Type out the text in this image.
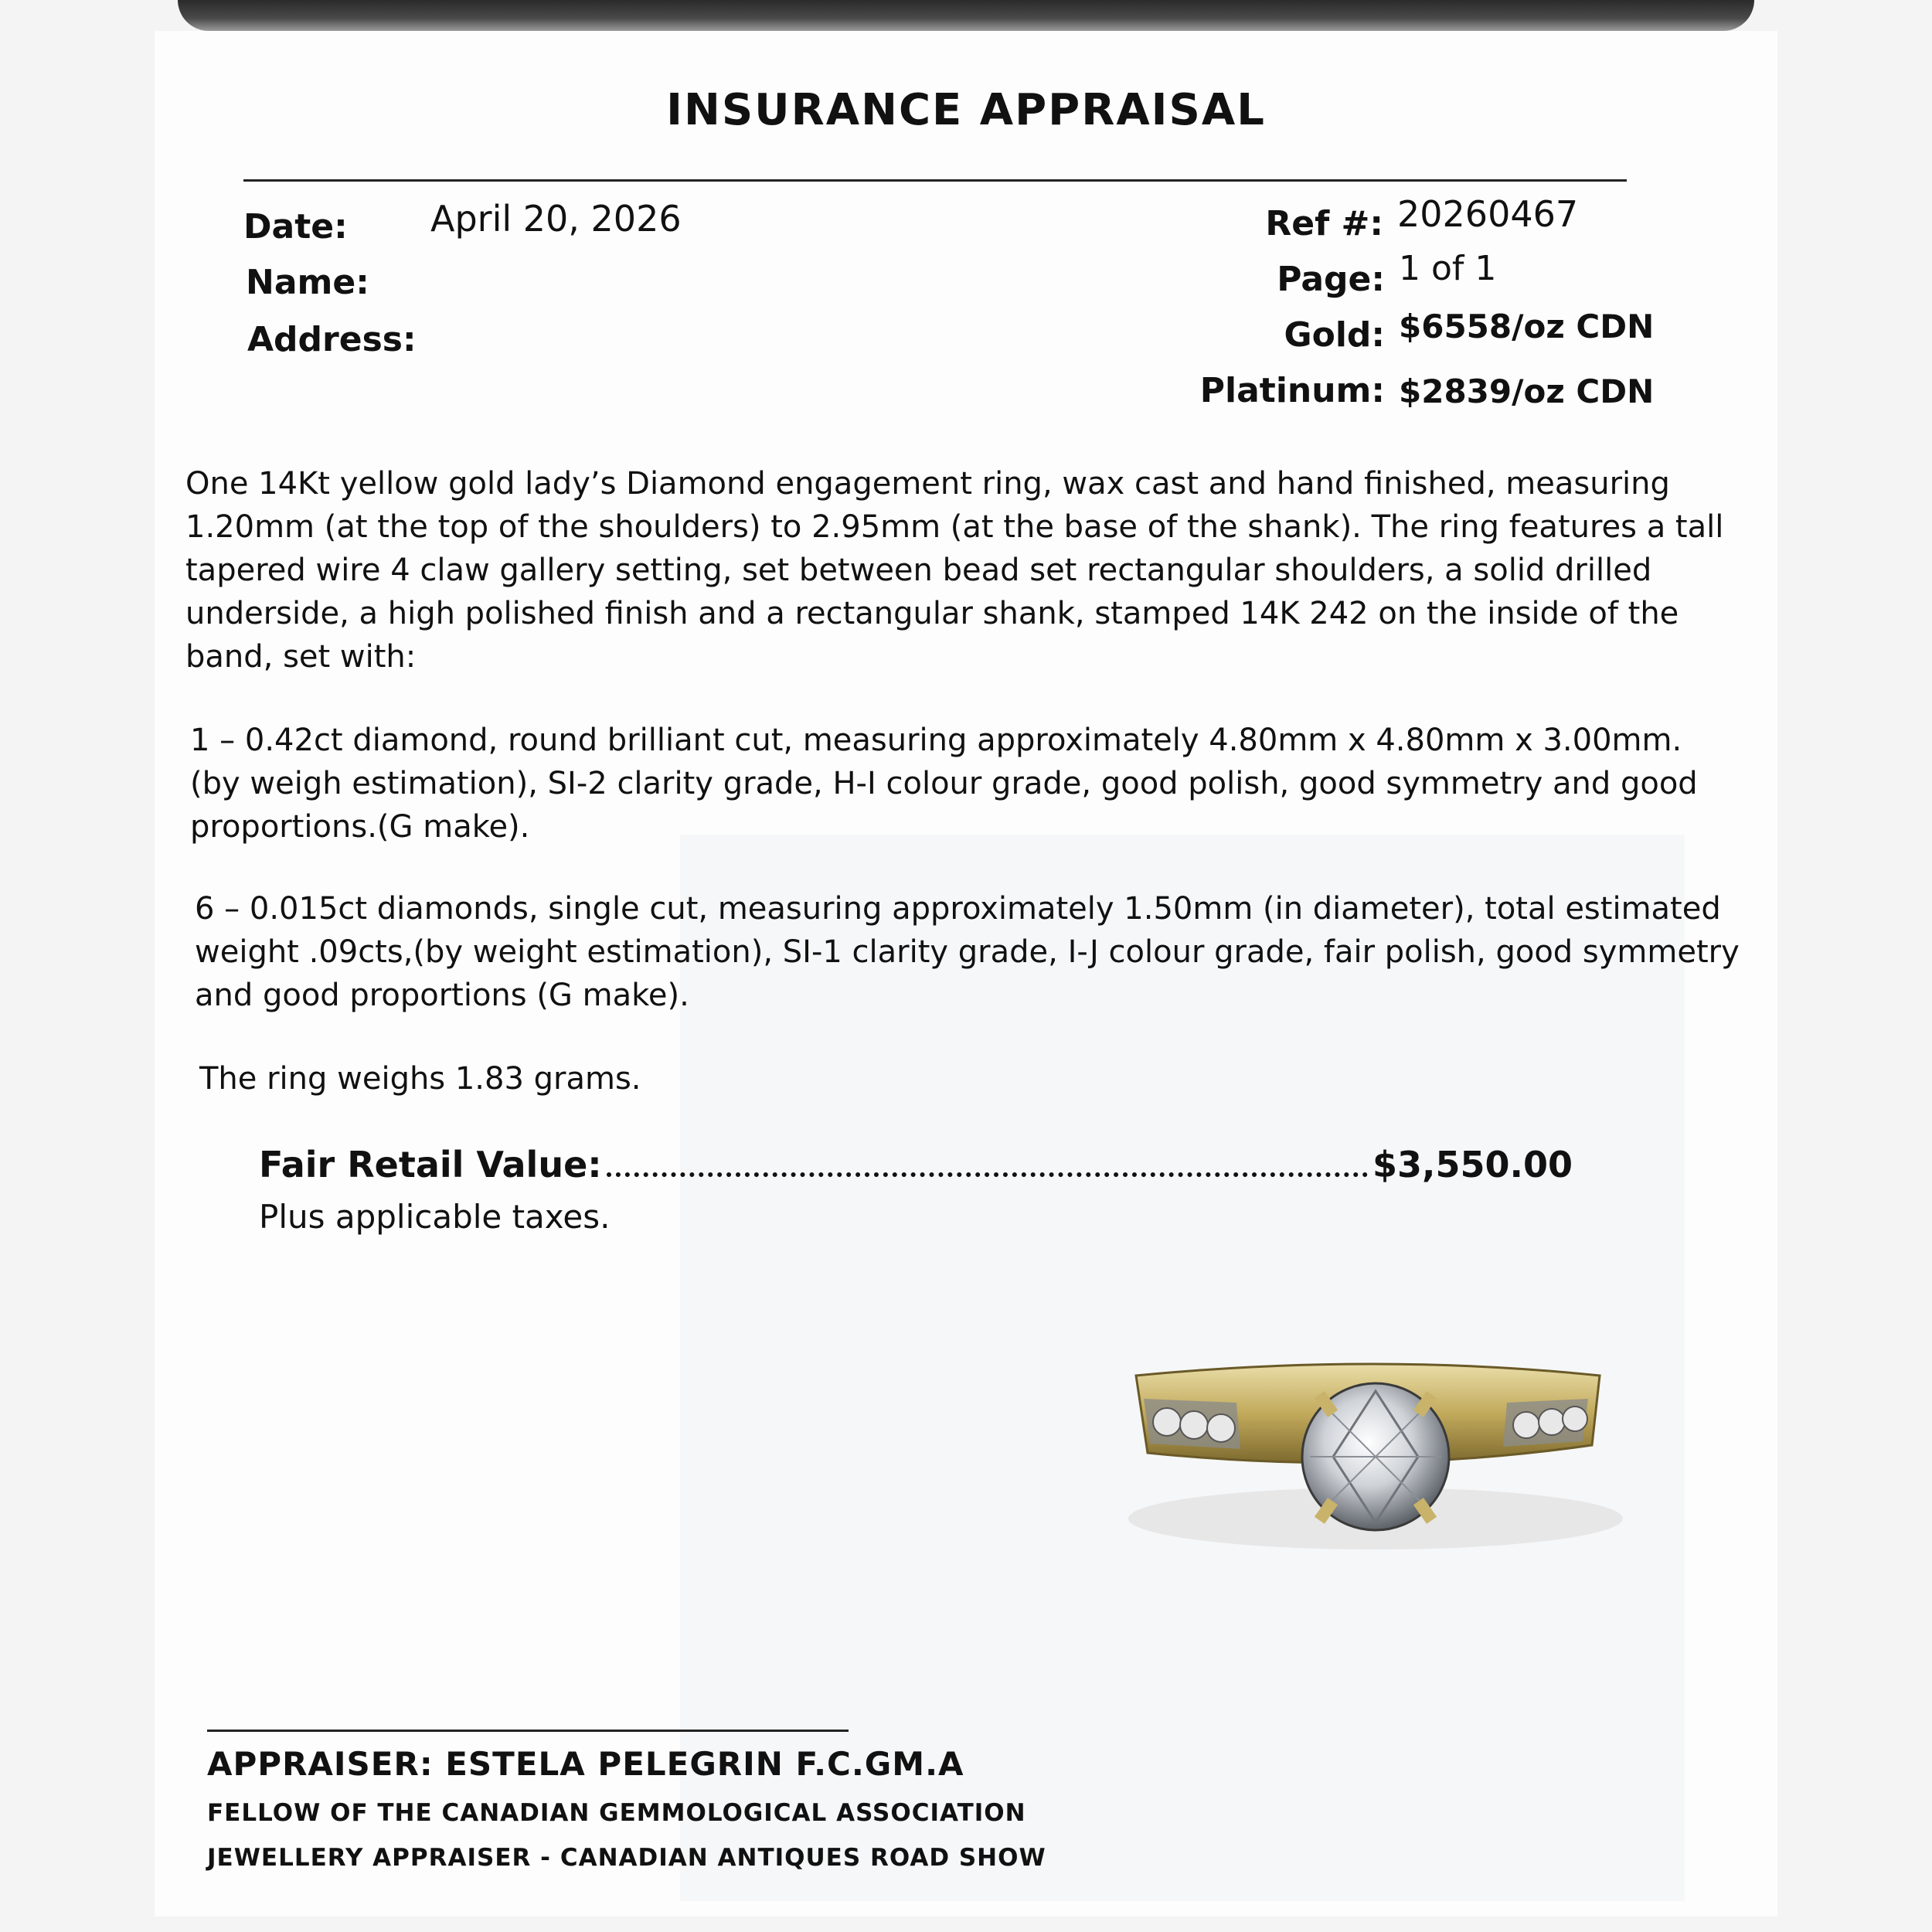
INSURANCE APPRAISAL
Date: April 20, 2026
Name:
Address:
Ref #: 20260467
Page: 1 of 1
Gold: $6558/oz CDN
Platinum: $2839/oz CDN
One 14Kt yellow gold lady’s Diamond engagement ring, wax cast and hand finished, measuring 1.20mm (at the top of the shoulders) to 2.95mm (at the base of the shank). The ring features a tall tapered wire 4 claw gallery setting, set between bead set rectangular shoulders, a solid drilled underside, a high polished finish and a rectangular shank, stamped 14K 242 on the inside of the band, set with:
1 – 0.42ct diamond, round brilliant cut, measuring approximately 4.80mm x 4.80mm x 3.00mm. (by weigh estimation), SI-2 clarity grade, H-I colour grade, good polish, good symmetry and good proportions.(G make).
6 – 0.015ct diamonds, single cut, measuring approximately 1.50mm (in diameter), total estimated weight .09cts,(by weight estimation), SI-1 clarity grade, I-J colour grade, fair polish, good symmetry and good proportions (G make).
The ring weighs 1.83 grams.
Fair Retail Value:	$3,550.00
Plus applicable taxes.
APPRAISER: ESTELA PELEGRIN F.C.GM.A
FELLOW OF THE CANADIAN GEMMOLOGICAL ASSOCIATION
JEWELLERY APPRAISER - CANADIAN ANTIQUES ROAD SHOW
